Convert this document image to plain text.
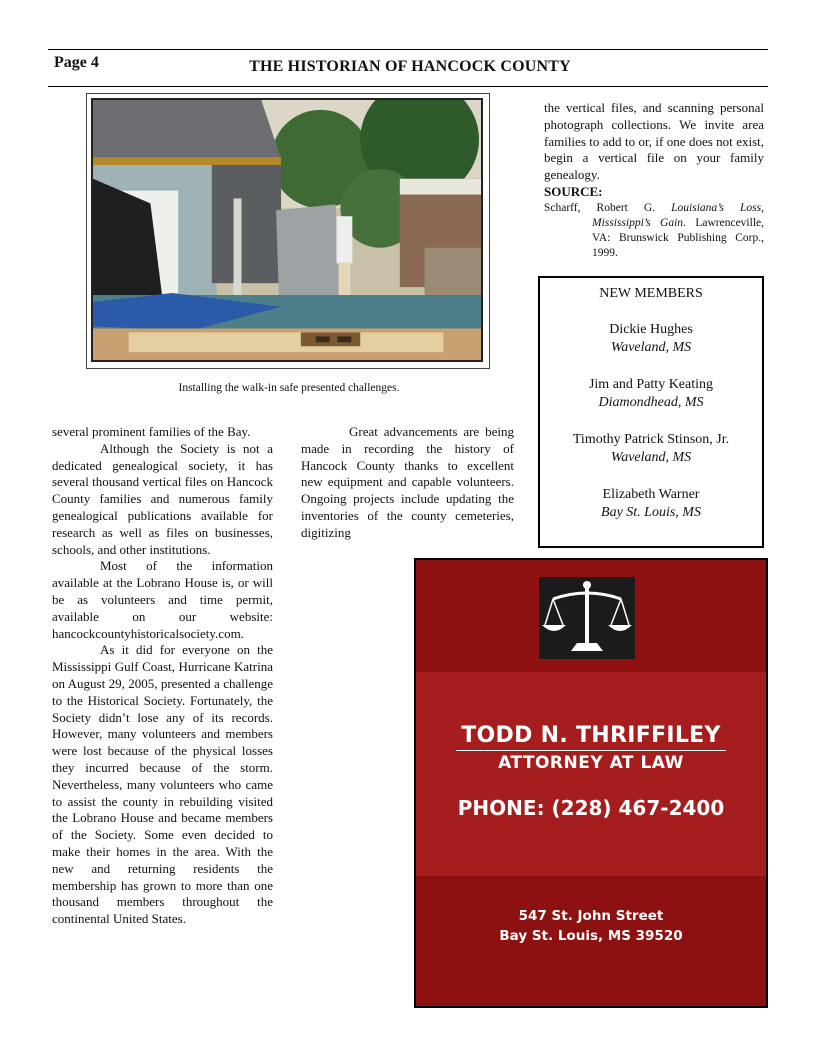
Page 4	THE HISTORIAN OF HANCOCK COUNTY
Installing the walk-in safe presented challenges.

several prominent families of the Bay.

Although the Society is not a dedicated genealogical society, it has several thousand vertical files on Hancock County families and numerous family genealogical publications available for research as well as files on businesses, schools, and other institutions.

Most of the information available at the Lobrano House is, or will be as volunteers and time permit, available on our website: hancockcountyhistoricalsociety.com.

As it did for everyone on the Mississippi Gulf Coast, Hurricane Katrina on August 29, 2005, presented a challenge to the Historical Society. Fortunately, the Society didn’t lose any of its records. However, many volunteers and members were lost because of the physical losses they incurred because of the storm. Nevertheless, many volunteers who came to assist the county in rebuilding visited the Lobrano House and became members of the Society. Some even decided to make their homes in the area. With the new and returning residents the membership has grown to more than one thousand members throughout the continental United States.

Great advancements are being made in recording the history of Hancock County thanks to excellent new equipment and capable volunteers. Ongoing projects include updating the inventories of the county cemeteries, digitizing

the vertical files, and scanning personal photograph collections. We invite area families to add to or, if one does not exist, begin a vertical file on your family genealogy.

SOURCE:

Scharff, Robert G. Louisiana’s Loss, Mississippi’s Gain. Lawrenceville, VA: Brunswick Publishing Corp., 1999.

NEW MEMBERS
Dickie Hughes
Waveland, MS
Jim and Patty Keating
Diamondhead, MS
Timothy Patrick Stinson, Jr.
Waveland, MS
Elizabeth Warner
Bay St. Louis, MS
TODD N. THRIFFILEY
ATTORNEY AT LAW
PHONE: (228) 467-2400
547 St. John Street
Bay St. Louis, MS 39520
